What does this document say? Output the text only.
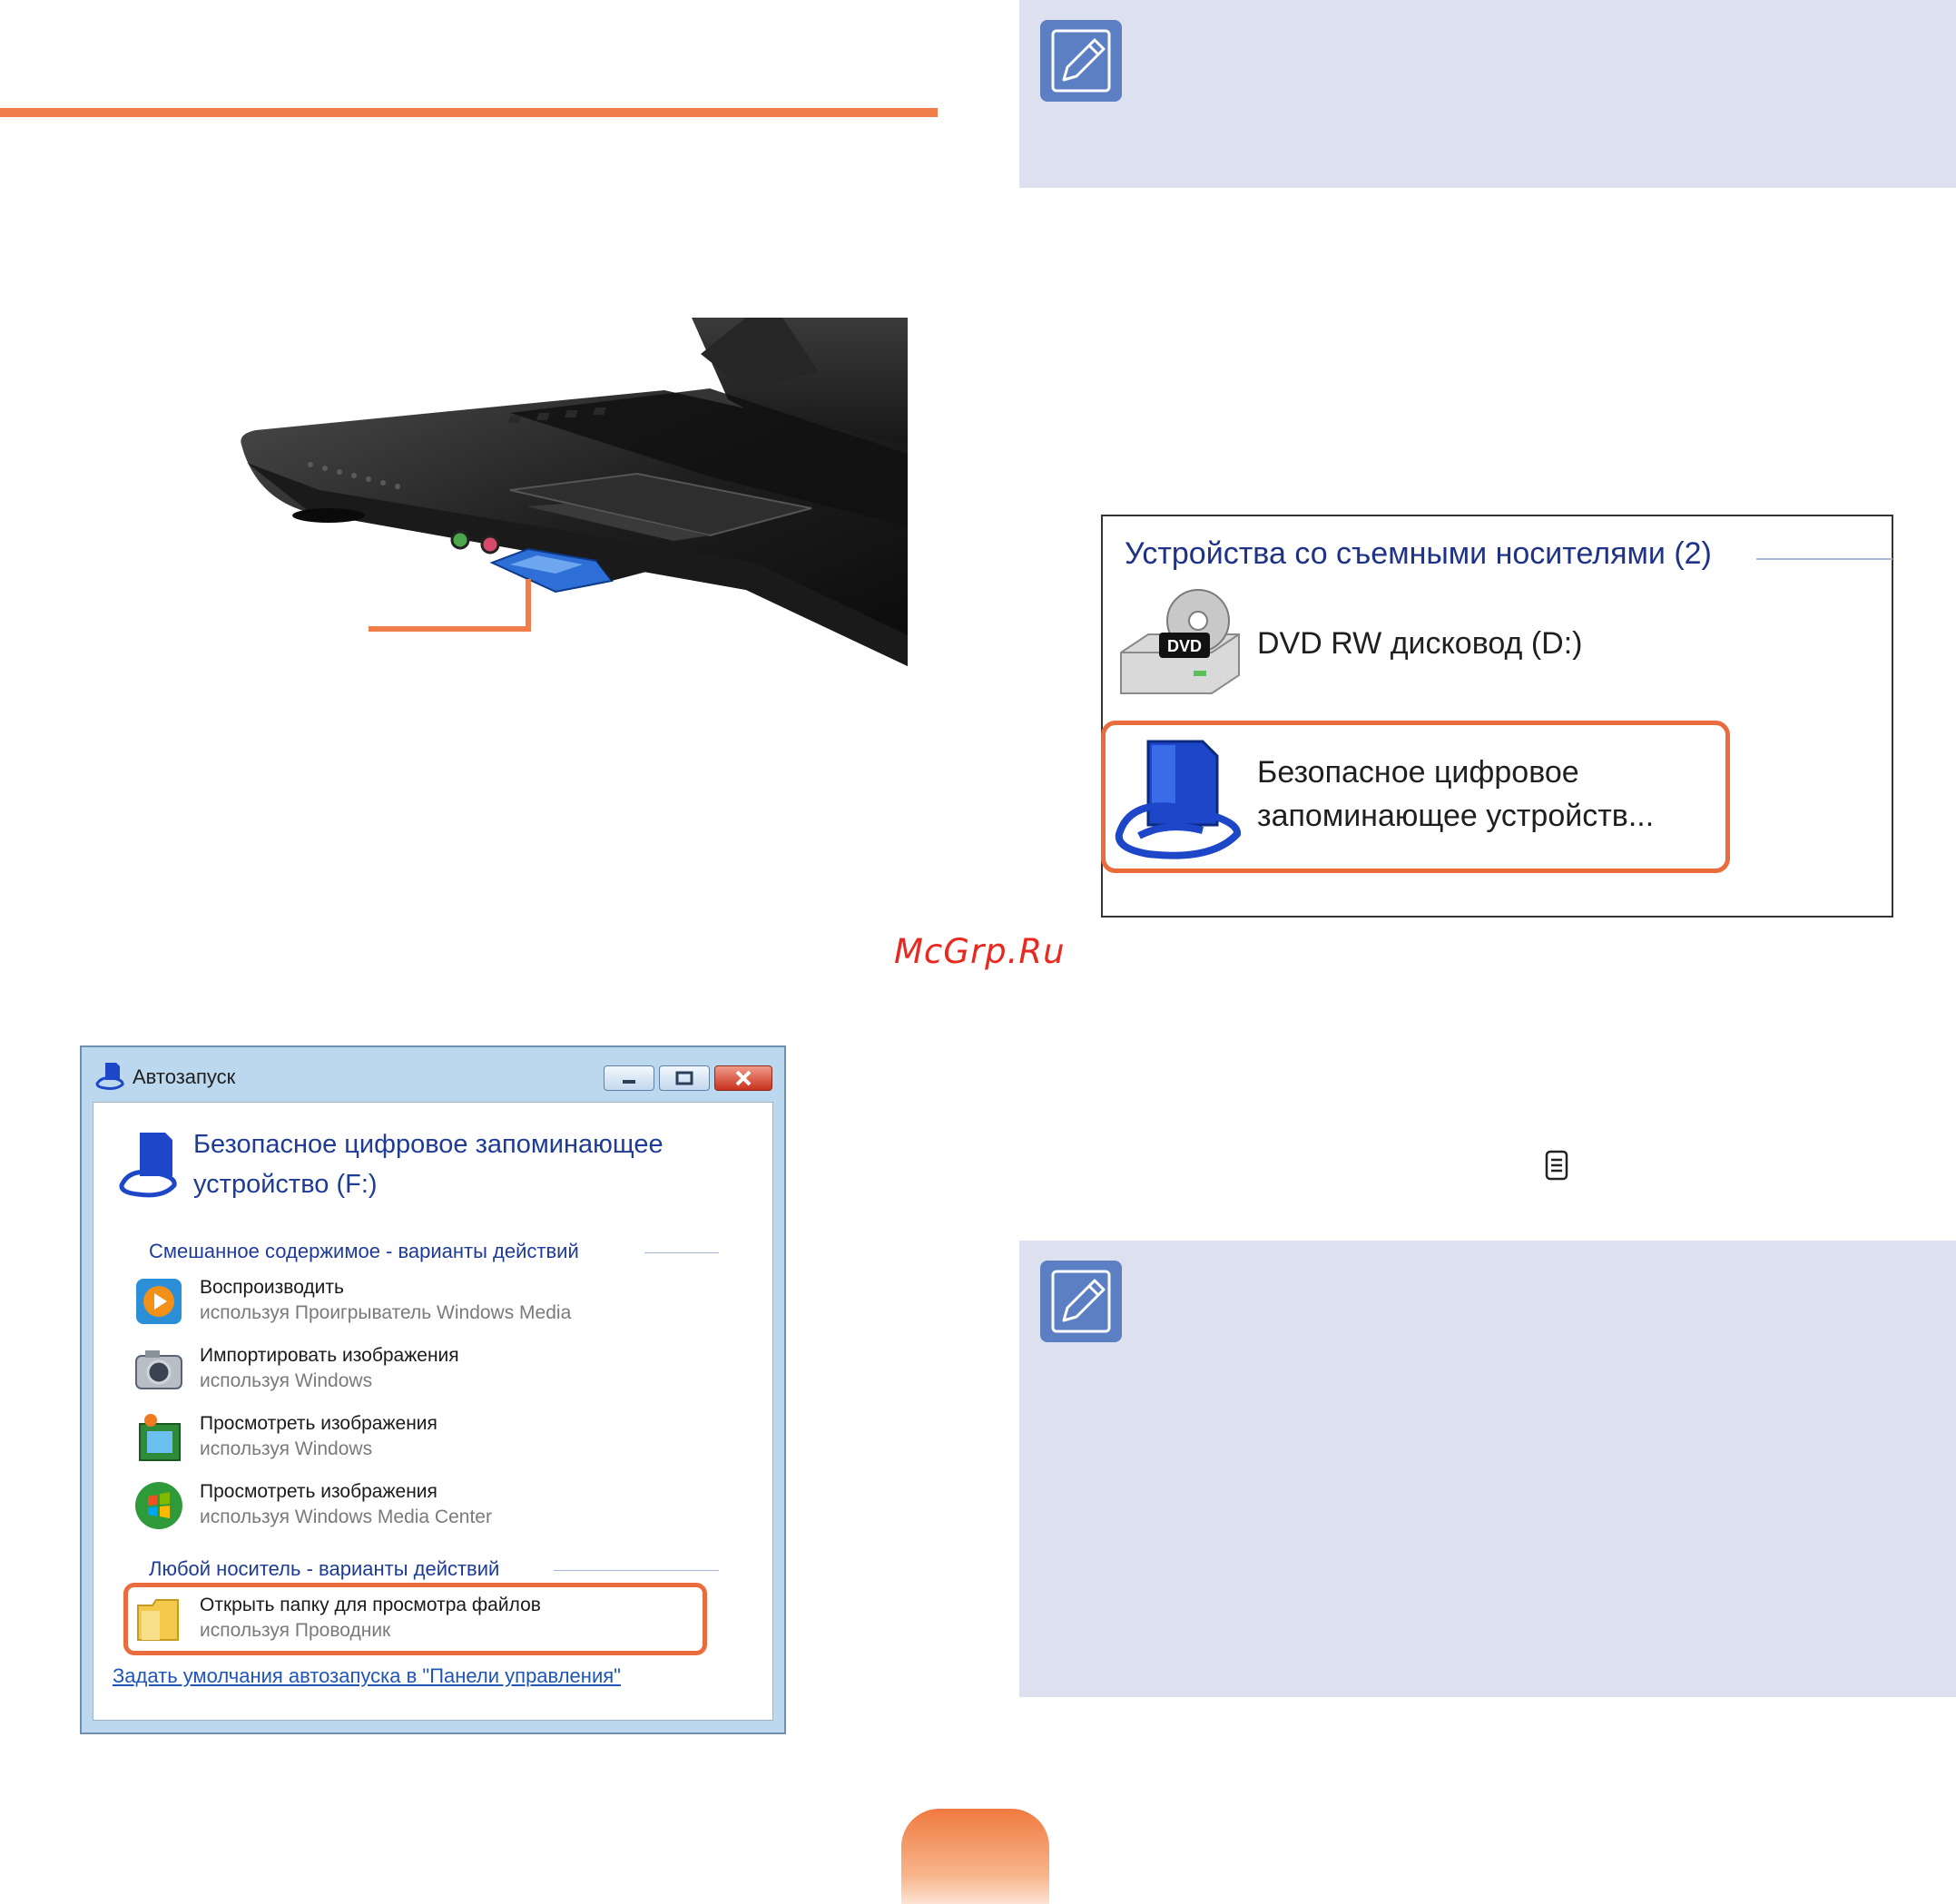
Устройства со съемными носителями (2)
DVD DVD RW дисковод (D:)
Безопасное цифровое
запоминающее устройств...
McGrp.Ru
Автозапуск
Безопасное цифровое запоминающее
устройство (F:)
Смешанное содержимое - варианты действий
Воспроизводить
используя Проигрыватель Windows Media
Импортировать изображения
используя Windows
Просмотреть изображения
используя Windows
Просмотреть изображения
используя Windows Media Center
Любой носитель - варианты действий
Открыть папку для просмотра файлов
используя Проводник
Задать умолчания автозапуска в "Панели управления"
